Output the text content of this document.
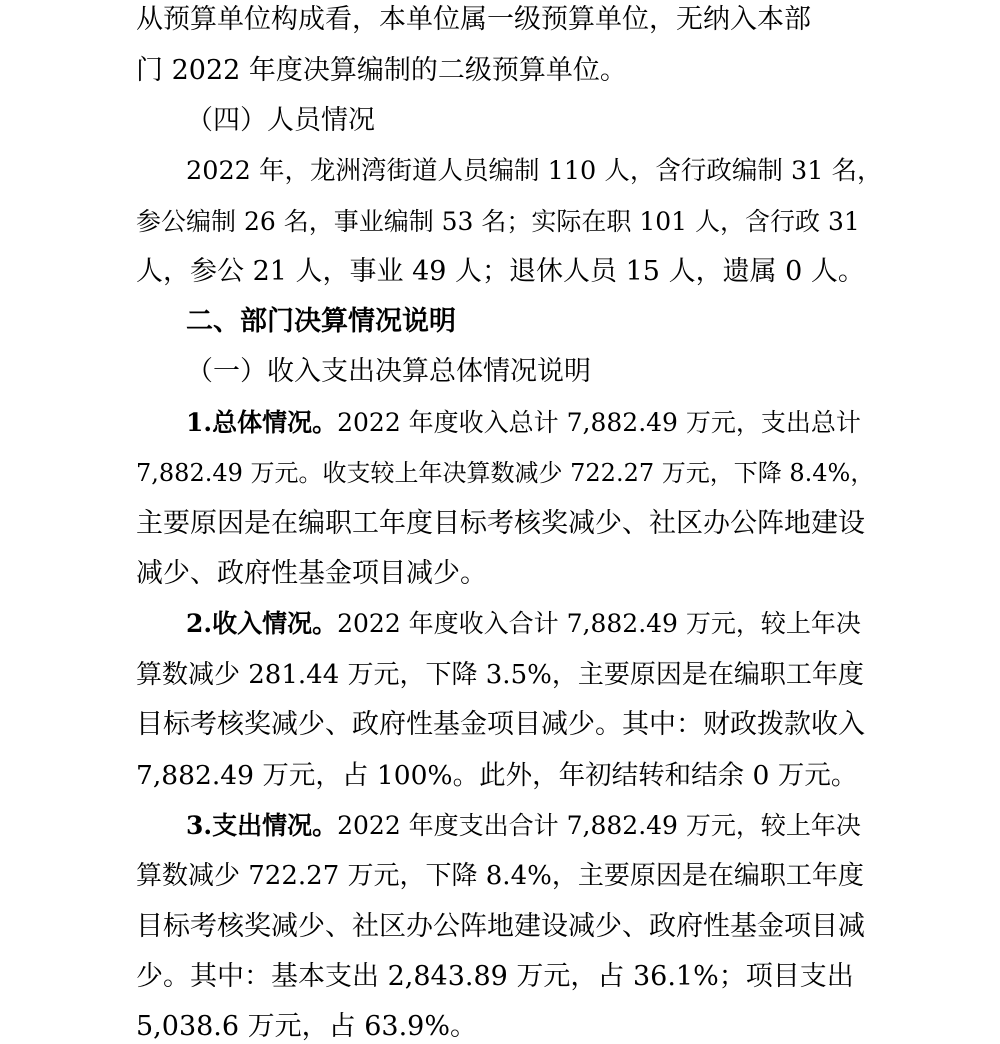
从预算单位构成看，本单位属一级预算单位，无纳入本部
门 2022 年度决算编制的二级预算单位。
（四）人员情况
2022 年，龙洲湾街道人员编制 110 人，含行政编制 31 名，
参公编制 26 名，事业编制 53 名；实际在职 101 人，含行政 31
人，参公 21 人，事业 49 人；退休人员 15 人，遗属 0 人。
二、部门决算情况说明
（一）收入支出决算总体情况说明
1.总体情况。2022 年度收入总计 7,882.49 万元，支出总计
7,882.49 万元。收支较上年决算数减少 722.27 万元，下降 8.4%，
主要原因是在编职工年度目标考核奖减少、社区办公阵地建设
减少、政府性基金项目减少。
2.收入情况。2022 年度收入合计 7,882.49 万元，较上年决
算数减少 281.44 万元，下降 3.5%，主要原因是在编职工年度
目标考核奖减少、政府性基金项目减少。其中：财政拨款收入
7,882.49 万元，占 100%。此外，年初结转和结余 0 万元。
3.支出情况。2022 年度支出合计 7,882.49 万元，较上年决
算数减少 722.27 万元，下降 8.4%，主要原因是在编职工年度
目标考核奖减少、社区办公阵地建设减少、政府性基金项目减
少。其中：基本支出 2,843.89 万元，占 36.1%；项目支出
5,038.6 万元，占 63.9%。
